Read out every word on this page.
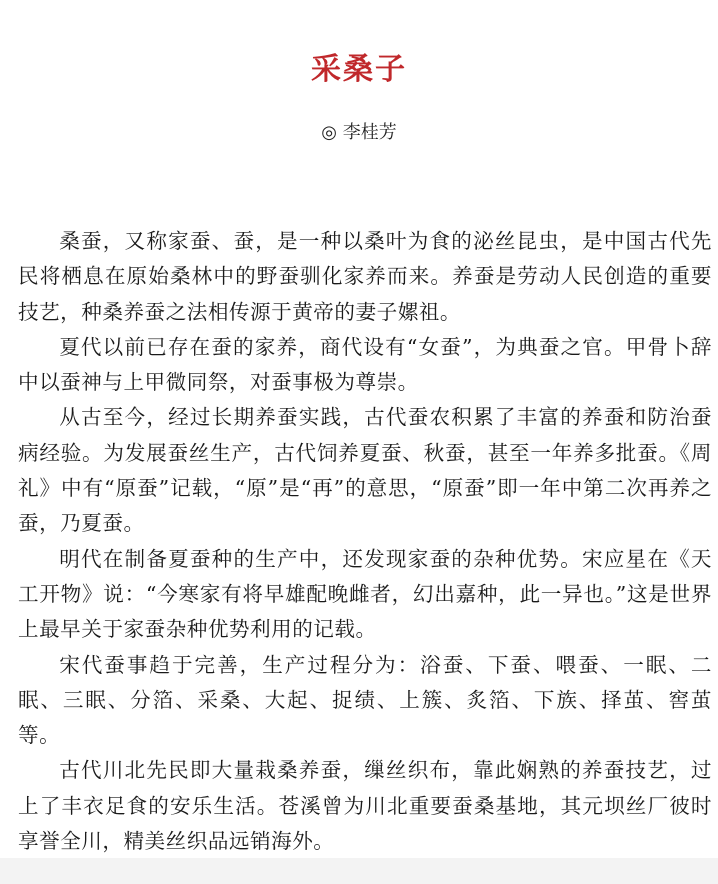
采桑子
◎ 李桂芳

桑蚕，又称家蚕、蚕，是一种以桑叶为食的泌丝昆虫，是中国古代先民将栖息在原始桑林中的野蚕驯化家养而来。养蚕是劳动人民创造的重要技艺，种桑养蚕之法相传源于黄帝的妻子嫘祖。

夏代以前已存在蚕的家养，商代设有“女蚕”，为典蚕之官。甲骨卜辞中以蚕神与上甲微同祭，对蚕事极为尊崇。

从古至今，经过长期养蚕实践，古代蚕农积累了丰富的养蚕和防治蚕病经验。为发展蚕丝生产，古代饲养夏蚕、秋蚕，甚至一年养多批蚕。《周礼》中有“原蚕”记载，“原”是“再”的意思，“原蚕”即一年中第二次再养之蚕，乃夏蚕。

明代在制备夏蚕种的生产中，还发现家蚕的杂种优势。宋应星在《天工开物》说：“今寒家有将早雄配晚雌者，幻出嘉种，此一异也。”这是世界上最早关于家蚕杂种优势利用的记载。

宋代蚕事趋于完善，生产过程分为：浴蚕、下蚕、喂蚕、一眠、二眠、三眠、分箔、采桑、大起、捉绩、上簇、炙箔、下族、择茧、窖茧等。

古代川北先民即大量栽桑养蚕，缫丝织布，靠此娴熟的养蚕技艺，过上了丰衣足食的安乐生活。苍溪曾为川北重要蚕桑基地，其元坝丝厂彼时享誉全川，精美丝织品远销海外。
